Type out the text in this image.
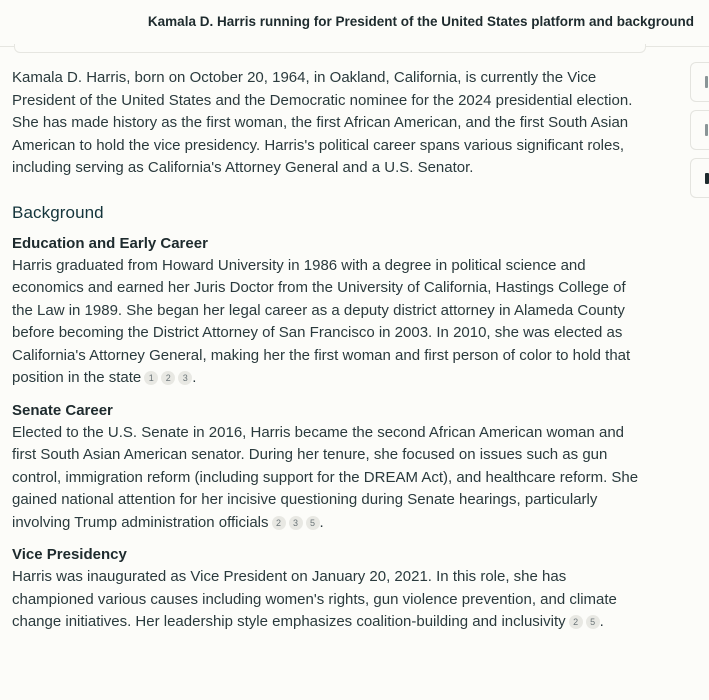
Kamala D. Harris running for President of the United States platform and background

Kamala D. Harris, born on October 20, 1964, in Oakland, California, is currently the Vice President of the United States and the Democratic nominee for the 2024 presidential election. She has made history as the first woman, the first African American, and the first South Asian American to hold the vice presidency. Harris's political career spans various significant roles, including serving as California's Attorney General and a U.S. Senator.

Background
Education and Early Career
Harris graduated from Howard University in 1986 with a degree in political science and economics and earned her Juris Doctor from the University of California, Hastings College of the Law in 1989. She began her legal career as a deputy district attorney in Alameda County before becoming the District Attorney of San Francisco in 2003. In 2010, she was elected as California's Attorney General, making her the first woman and first person of color to hold that position in the state 1 2 3 .
Senate Career
Elected to the U.S. Senate in 2016, Harris became the second African American woman and first South Asian American senator. During her tenure, she focused on issues such as gun control, immigration reform (including support for the DREAM Act), and healthcare reform. She gained national attention for her incisive questioning during Senate hearings, particularly involving Trump administration officials 2 3 5 .
Vice Presidency
Harris was inaugurated as Vice President on January 20, 2021. In this role, she has championed various causes including women's rights, gun violence prevention, and climate change initiatives. Her leadership style emphasizes coalition-building and inclusivity 2 5 .
